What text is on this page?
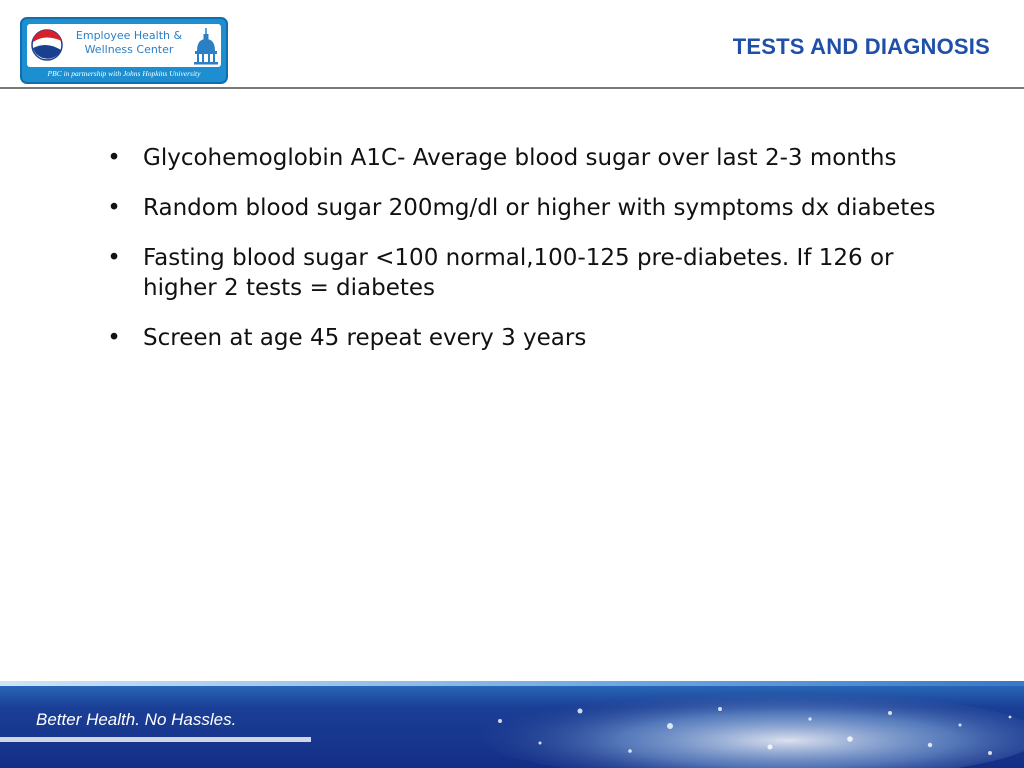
Employee Health &
Wellness Center
PBC in partnership with Johns Hopkins University
TESTS AND DIAGNOSIS
• Glycohemoglobin A1C- Average blood sugar over last 2-3 months
• Random blood sugar 200mg/dl or higher with symptoms dx diabetes
• Fasting blood sugar <100 normal,100-125 pre-diabetes. If 126 or higher 2 tests = diabetes
• Screen at age 45 repeat every 3 years
Better Health. No Hassles.
